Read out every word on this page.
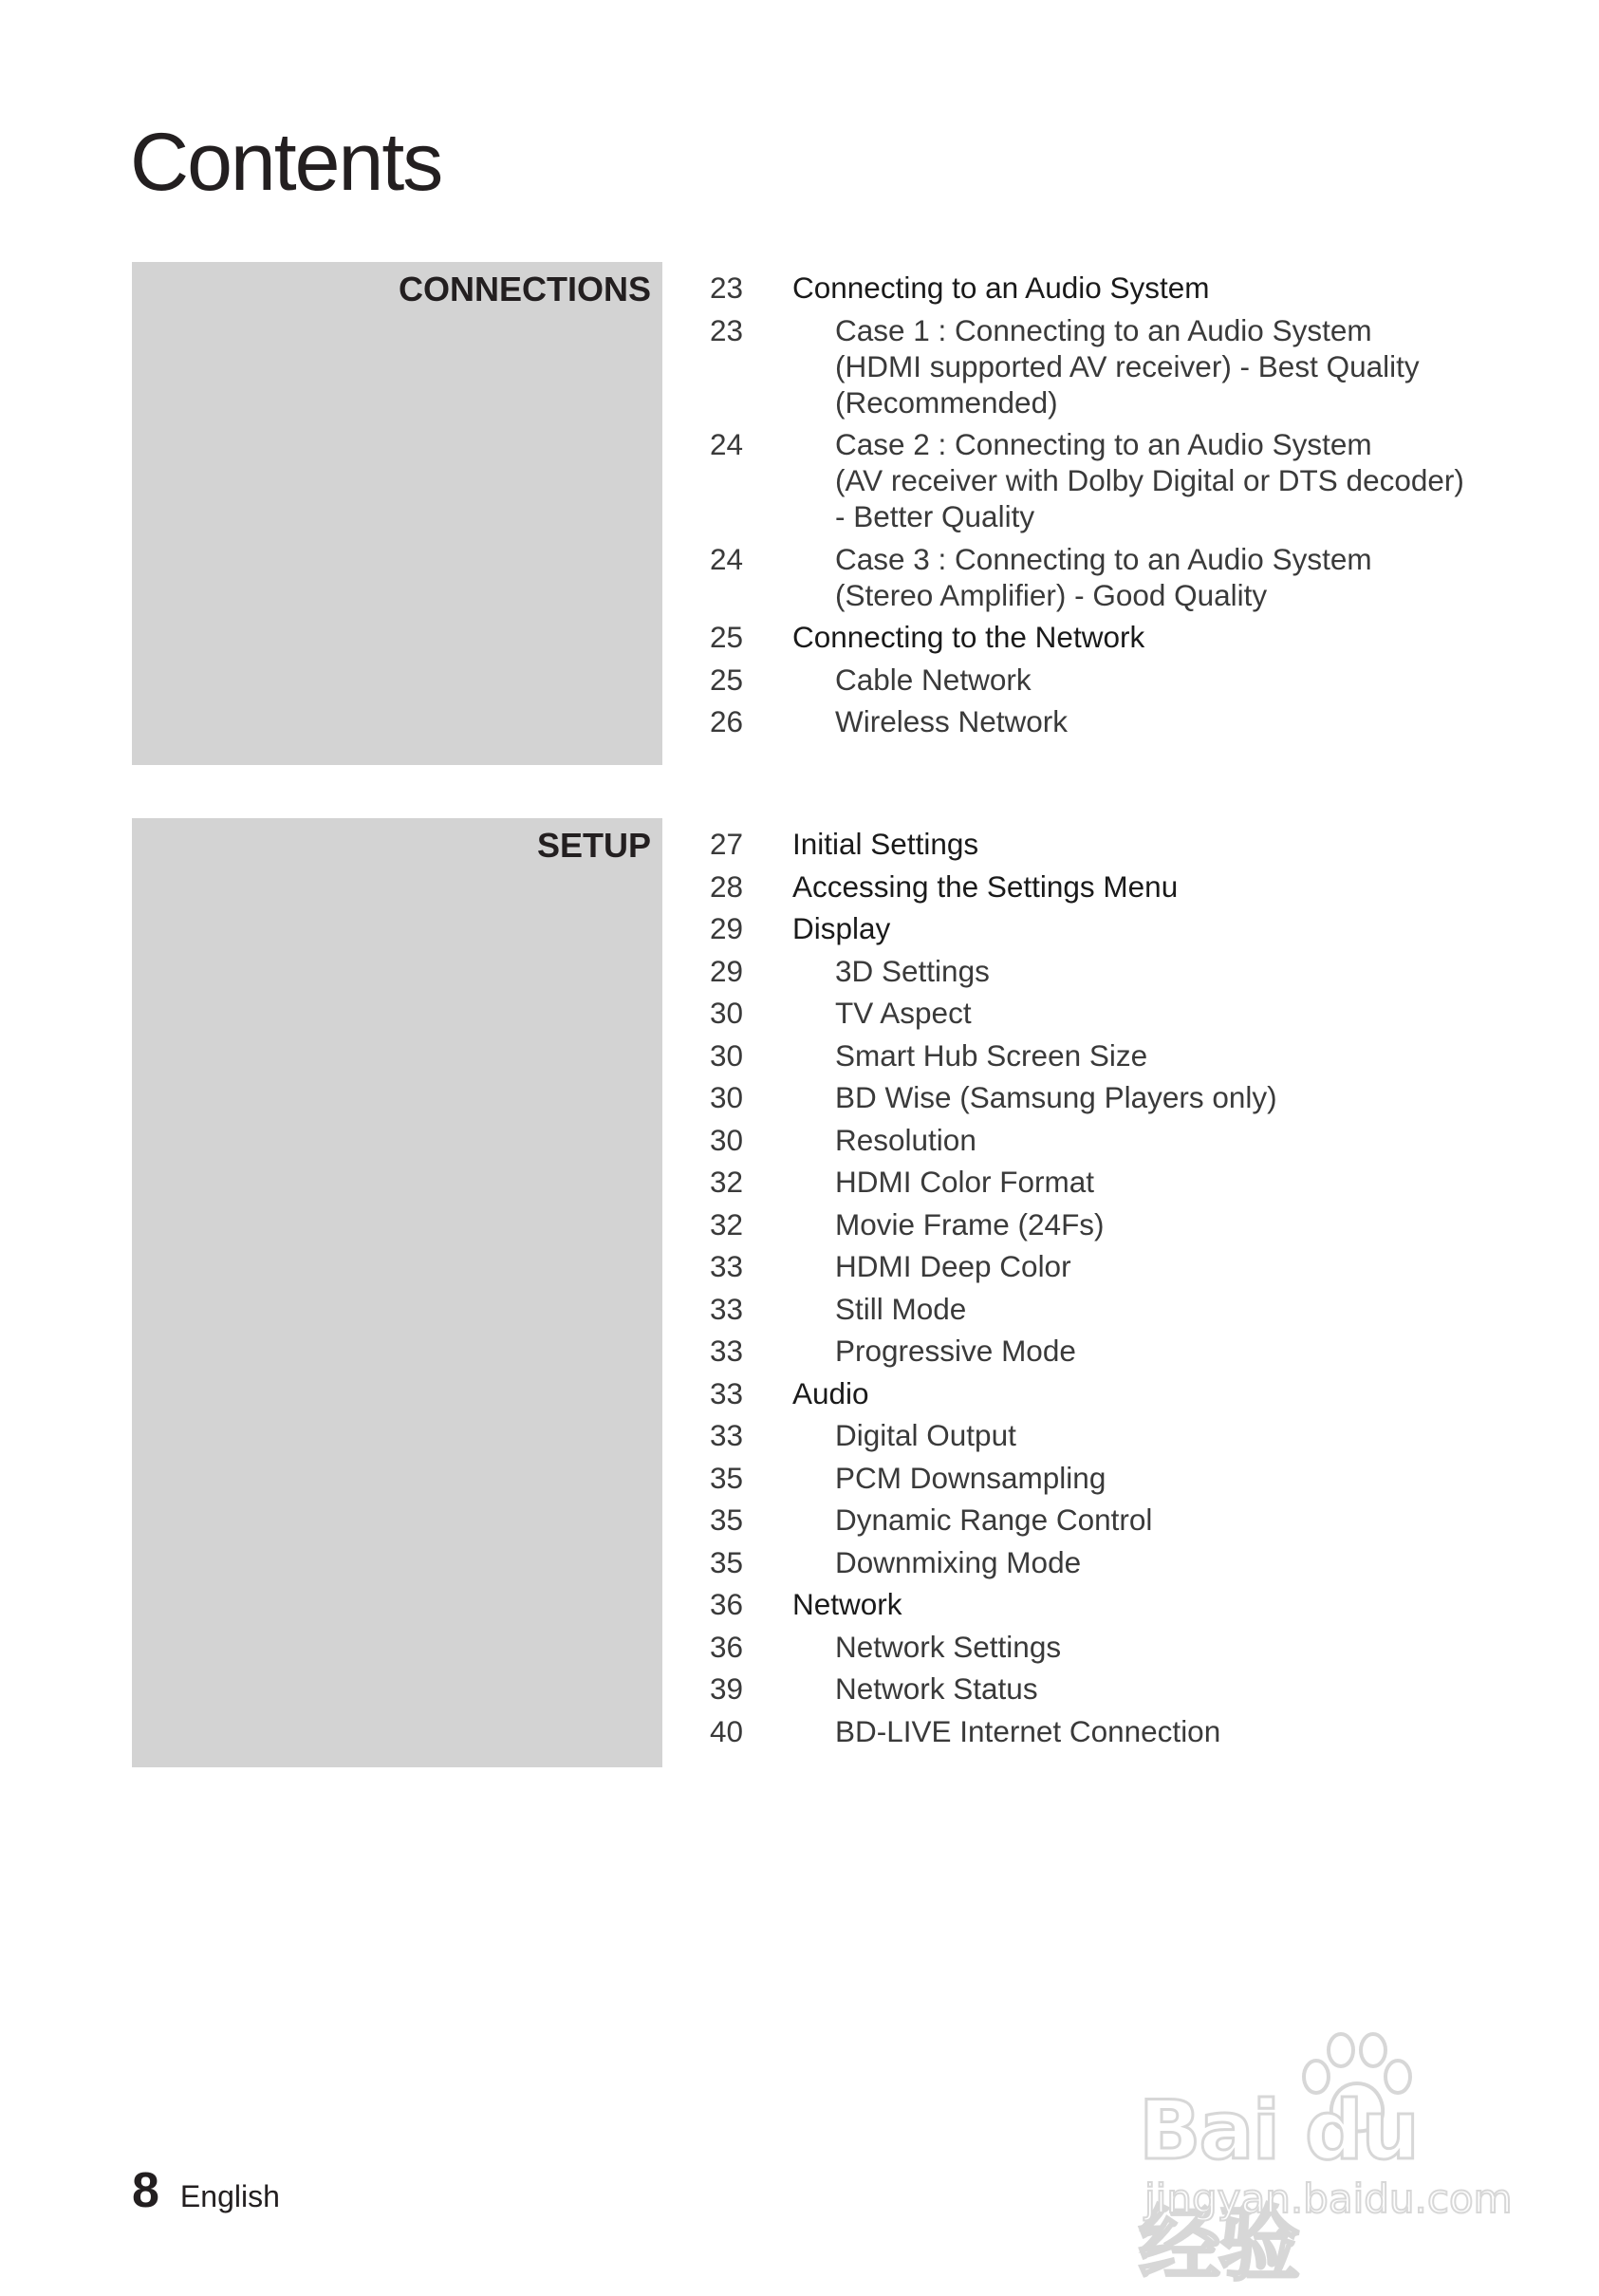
Contents
CONNECTIONS 23	Connecting to an Audio System
23	Case 1 : Connecting to an Audio System
(HDMI supported AV receiver) - Best Quality
(Recommended)
24	Case 2 : Connecting to an Audio System
(AV receiver with Dolby Digital or DTS decoder)
- Better Quality
24	Case 3 : Connecting to an Audio System
(Stereo Amplifier) - Good Quality
25	Connecting to the Network
25	Cable Network
26	Wireless Network
SETUP 27	Initial Settings
28	Accessing the Settings Menu
29	Display
29	3D Settings
30	TV Aspect
30	Smart Hub Screen Size
30	BD Wise (Samsung Players only)
30	Resolution
32	HDMI Color Format
32	Movie Frame (24Fs)
33	HDMI Deep Color
33	Still Mode
33	Progressive Mode
33	Audio
33	Digital Output
35	PCM Downsampling
35	Dynamic Range Control
35	Downmixing Mode
36	Network
36	Network Settings
39	Network Status
40	BD-LIVE Internet Connection
8 English
Bai du 经验
jingyan.baidu.com
